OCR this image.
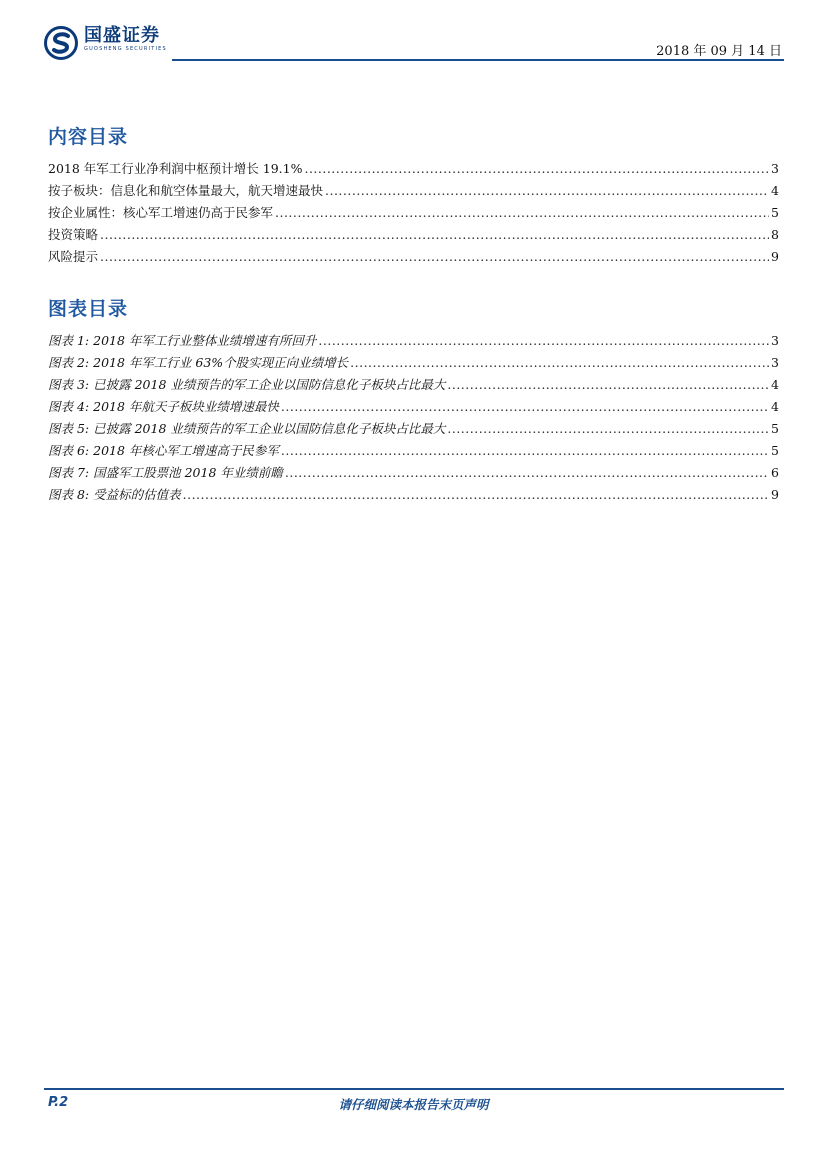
国盛证券
GUOSHENG SECURITIES	2018 年 09 月 14 日
内容目录
2018 年军工行业净利润中枢预计增长 19.1% .....	3
按子板块：信息化和航空体量最大，航天增速最快 .....	4
按企业属性：核心军工增速仍高于民参军 .....	5
投资策略 .....	8
风险提示 .....	9
图表目录
图表 1: 2018 年军工行业整体业绩增速有所回升 .....	3
图表 2: 2018 年军工行业 63%个股实现正向业绩增长 .....	3
图表 3: 已披露 2018 业绩预告的军工企业以国防信息化子板块占比最大 .....	4
图表 4: 2018 年航天子板块业绩增速最快 .....	4
图表 5: 已披露 2018 业绩预告的军工企业以国防信息化子板块占比最大 .....	5
图表 6: 2018 年核心军工增速高于民参军 .....	5
图表 7: 国盛军工股票池 2018 年业绩前瞻 .....	6
图表 8: 受益标的估值表 .....	9
P.2	请仔细阅读本报告末页声明
